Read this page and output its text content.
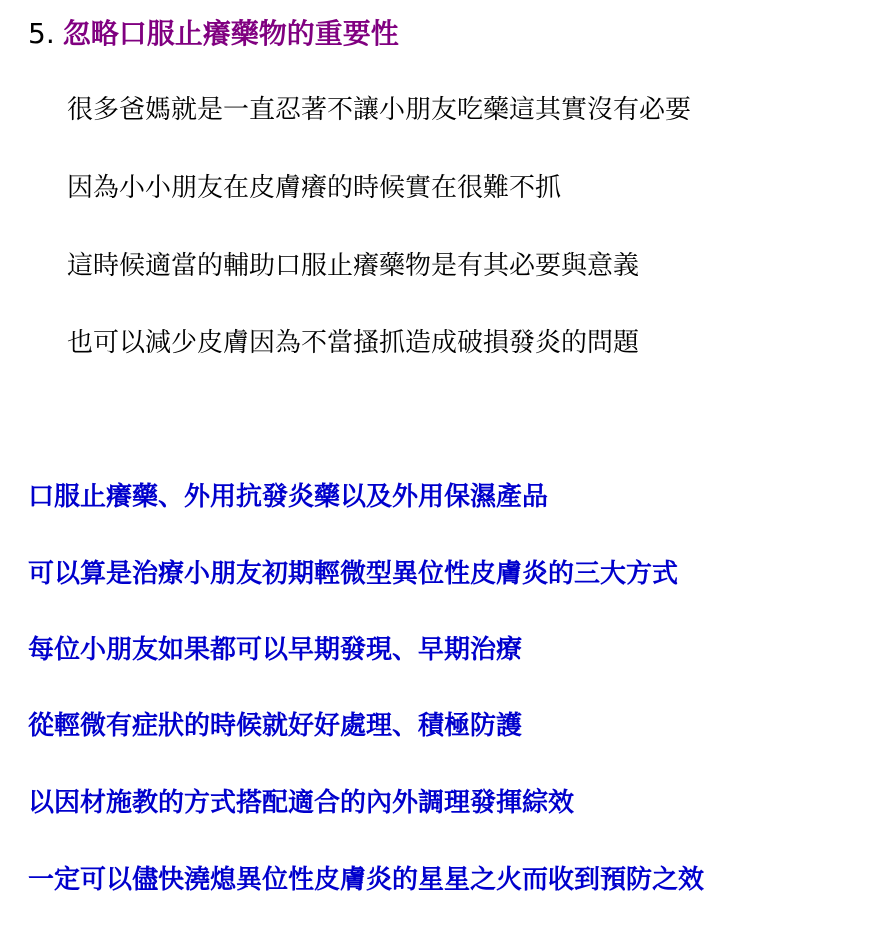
5. 忽略口服止癢藥物的重要性
很多爸媽就是一直忍著不讓小朋友吃藥這其實沒有必要
因為小小朋友在皮膚癢的時候實在很難不抓
這時候適當的輔助口服止癢藥物是有其必要與意義
也可以減少皮膚因為不當搔抓造成破損發炎的問題
口服止癢藥、外用抗發炎藥以及外用保濕產品
可以算是治療小朋友初期輕微型異位性皮膚炎的三大方式
每位小朋友如果都可以早期發現、早期治療
從輕微有症狀的時候就好好處理、積極防護
以因材施教的方式搭配適合的內外調理發揮綜效
一定可以儘快澆熄異位性皮膚炎的星星之火而收到預防之效
